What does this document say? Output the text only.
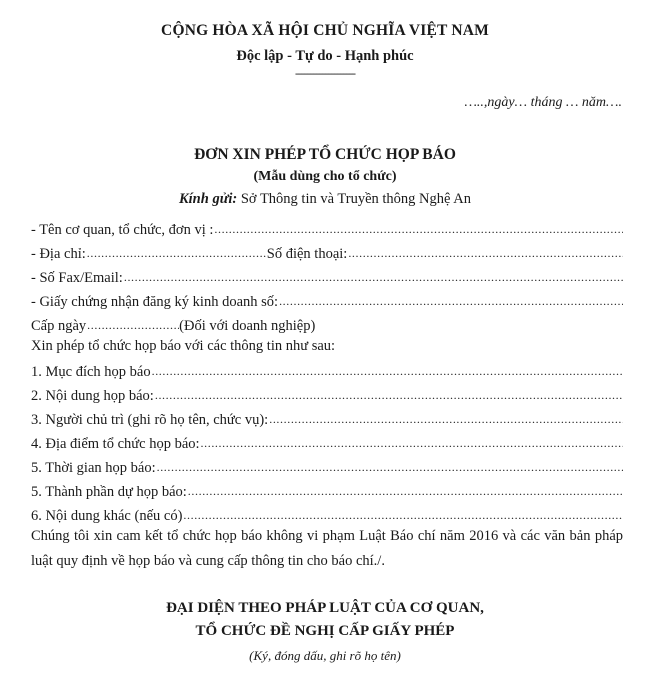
CỘNG HÒA XÃ HỘI CHỦ NGHĨA VIỆT NAM
Độc lập - Tự do - Hạnh phúc
--------------------
…..,ngày… tháng … năm….
ĐƠN XIN PHÉP TỔ CHỨC HỌP BÁO
(Mẫu dùng cho tổ chức)
Kính gửi: Sở Thông tin và Truyền thông Nghệ An
- Tên cơ quan, tổ chức, đơn vị :
.....
- Địa chỉ: .....	Số điện thoại:
.....
- Số Fax/Email:
.....
- Giấy chứng nhận đăng ký kinh doanh số:
.....
Cấp ngày .....	(Đối với doanh nghiệp)
Xin phép tổ chức họp báo với các thông tin như sau:
1. Mục đích họp báo
.....
2. Nội dung họp báo:
.....
3. Người chủ trì (ghi rõ họ tên, chức vụ):
.....
4. Địa điểm tổ chức họp báo:
.....
5. Thời gian họp báo:
.....
5. Thành phần dự họp báo:
.....
6. Nội dung khác (nếu có)
.....
Chúng tôi xin cam kết tổ chức họp báo không vi phạm Luật Báo chí năm 2016 và các văn bản pháp luật quy định về họp báo và cung cấp thông tin cho báo chí./.
ĐẠI DIỆN THEO PHÁP LUẬT CỦA CƠ QUAN,
TỔ CHỨC ĐỀ NGHỊ CẤP GIẤY PHÉP
(Ký, đóng dấu, ghi rõ họ tên)
